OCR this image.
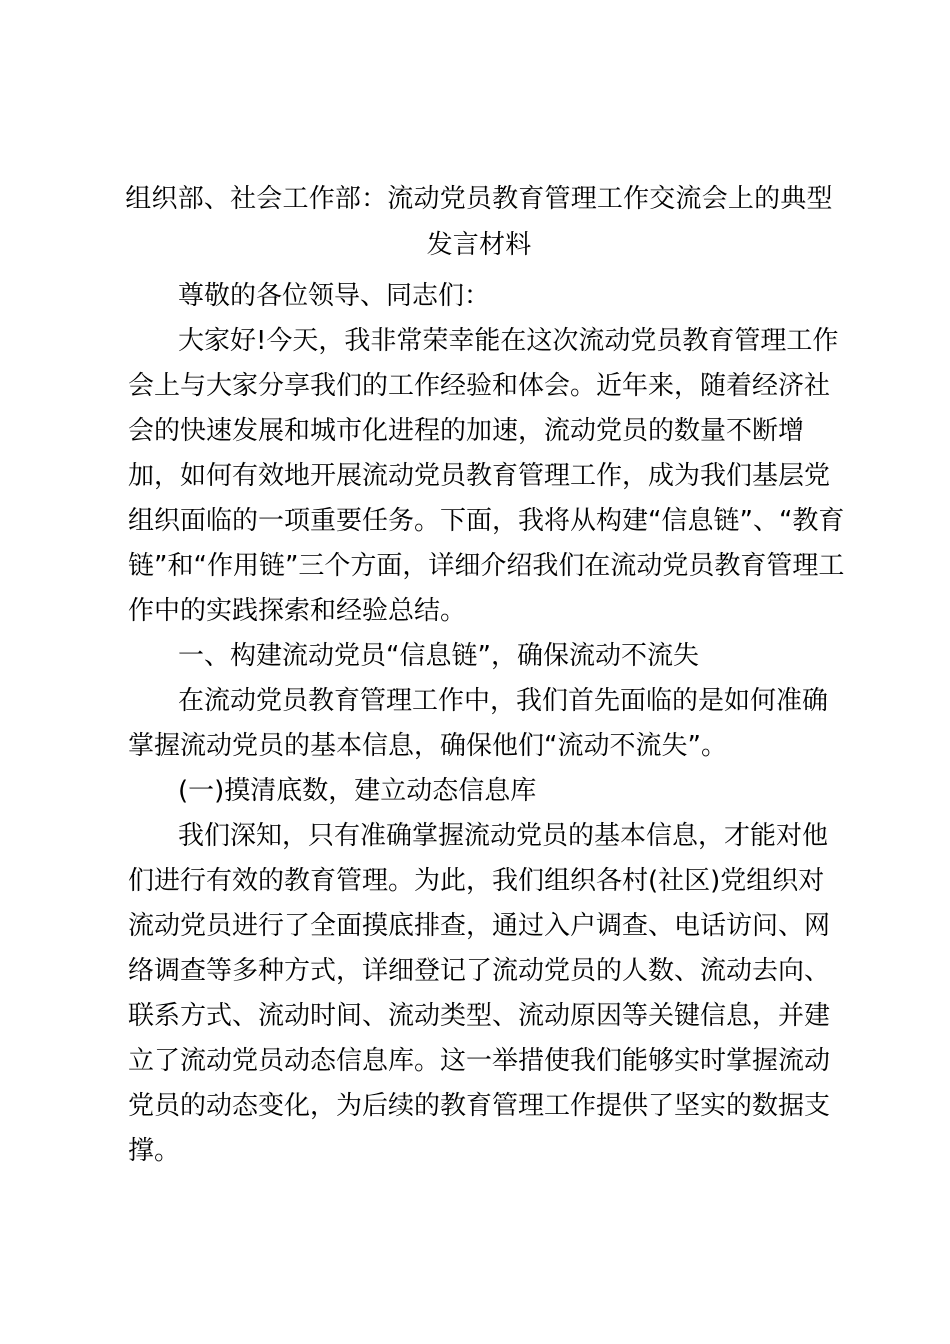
组织部、社会工作部：流动党员教育管理工作交流会上的典型
发言材料
尊敬的各位领导、同志们：
大家好!今天，我非常荣幸能在这次流动党员教育管理工作
会上与大家分享我们的工作经验和体会。近年来，随着经济社
会的快速发展和城市化进程的加速，流动党员的数量不断增
加，如何有效地开展流动党员教育管理工作，成为我们基层党
组织面临的一项重要任务。下面，我将从构建“信息链”、“教育
链”和“作用链”三个方面，详细介绍我们在流动党员教育管理工
作中的实践探索和经验总结。
一、构建流动党员“信息链”，确保流动不流失
在流动党员教育管理工作中，我们首先面临的是如何准确
掌握流动党员的基本信息，确保他们“流动不流失”。
(一)摸清底数，建立动态信息库
我们深知，只有准确掌握流动党员的基本信息，才能对他
们进行有效的教育管理。为此，我们组织各村(社区)党组织对
流动党员进行了全面摸底排查，通过入户调查、电话访问、网
络调查等多种方式，详细登记了流动党员的人数、流动去向、
联系方式、流动时间、流动类型、流动原因等关键信息，并建
立了流动党员动态信息库。这一举措使我们能够实时掌握流动
党员的动态变化，为后续的教育管理工作提供了坚实的数据支
撑。
